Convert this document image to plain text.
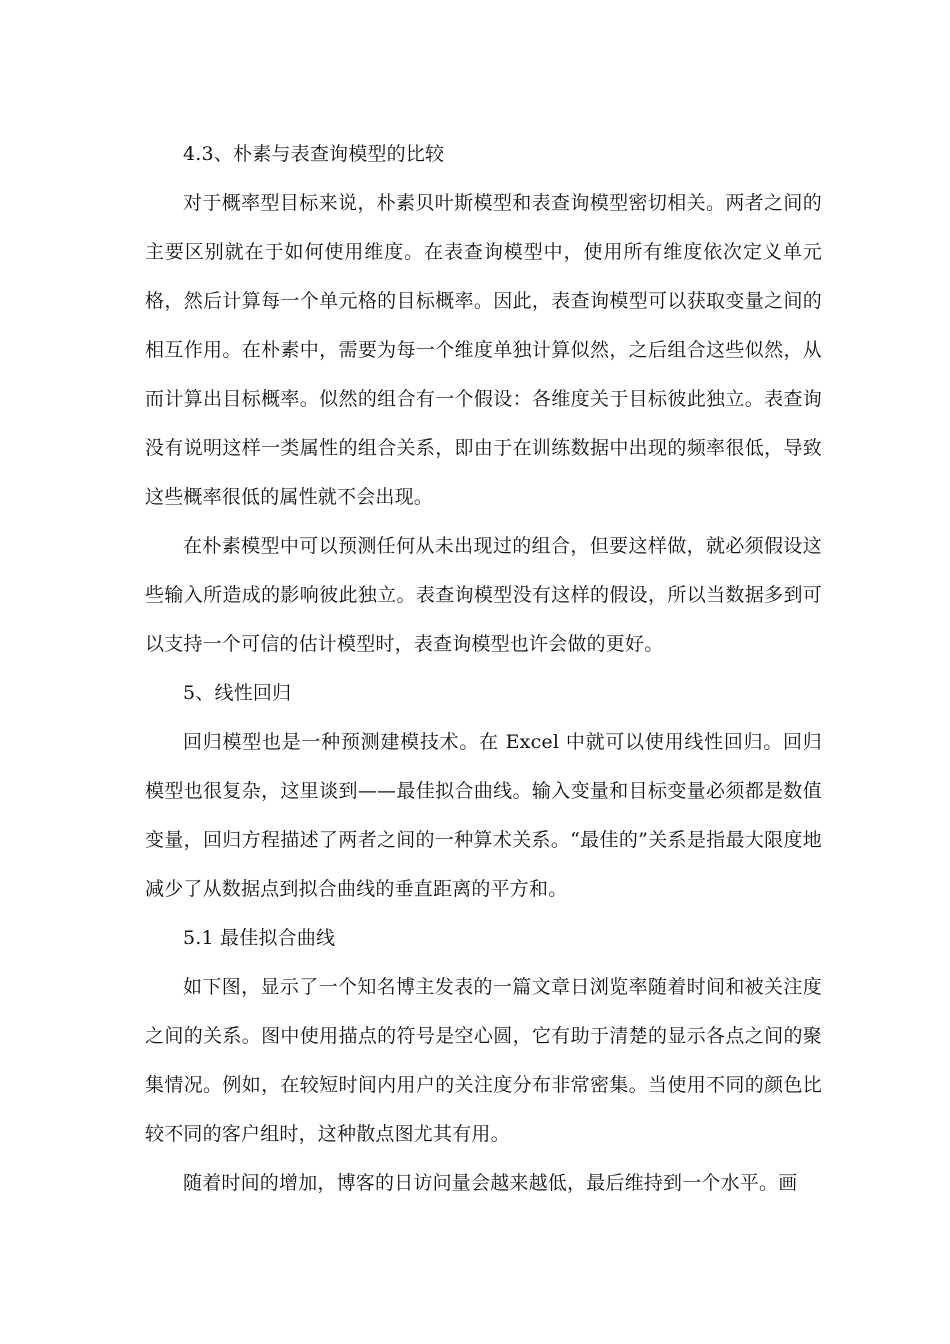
4.3、朴素与表查询模型的比较

对于概率型目标来说，朴素贝叶斯模型和表查询模型密切相关。两者之间的主要区别就在于如何使用维度。在表查询模型中，使用所有维度依次定义单元格，然后计算每一个单元格的目标概率。因此，表查询模型可以获取变量之间的相互作用。在朴素中，需要为每一个维度单独计算似然，之后组合这些似然，从而计算出目标概率。似然的组合有一个假设：各维度关于目标彼此独立。表查询没有说明这样一类属性的组合关系，即由于在训练数据中出现的频率很低，导致这些概率很低的属性就不会出现。

在朴素模型中可以预测任何从未出现过的组合，但要这样做，就必须假设这些输入所造成的影响彼此独立。表查询模型没有这样的假设，所以当数据多到可以支持一个可信的估计模型时，表查询模型也许会做的更好。

5、线性回归

回归模型也是一种预测建模技术。在 Excel 中就可以使用线性回归。回归模型也很复杂，这里谈到——最佳拟合曲线。输入变量和目标变量必须都是数值变量，回归方程描述了两者之间的一种算术关系。“最佳的”关系是指最大限度地减少了从数据点到拟合曲线的垂直距离的平方和。

5.1 最佳拟合曲线

如下图，显示了一个知名博主发表的一篇文章日浏览率随着时间和被关注度之间的关系。图中使用描点的符号是空心圆，它有助于清楚的显示各点之间的聚集情况。例如，在较短时间内用户的关注度分布非常密集。当使用不同的颜色比较不同的客户组时，这种散点图尤其有用。

随着时间的增加，博客的日访问量会越来越低，最后维持到一个水平。画
